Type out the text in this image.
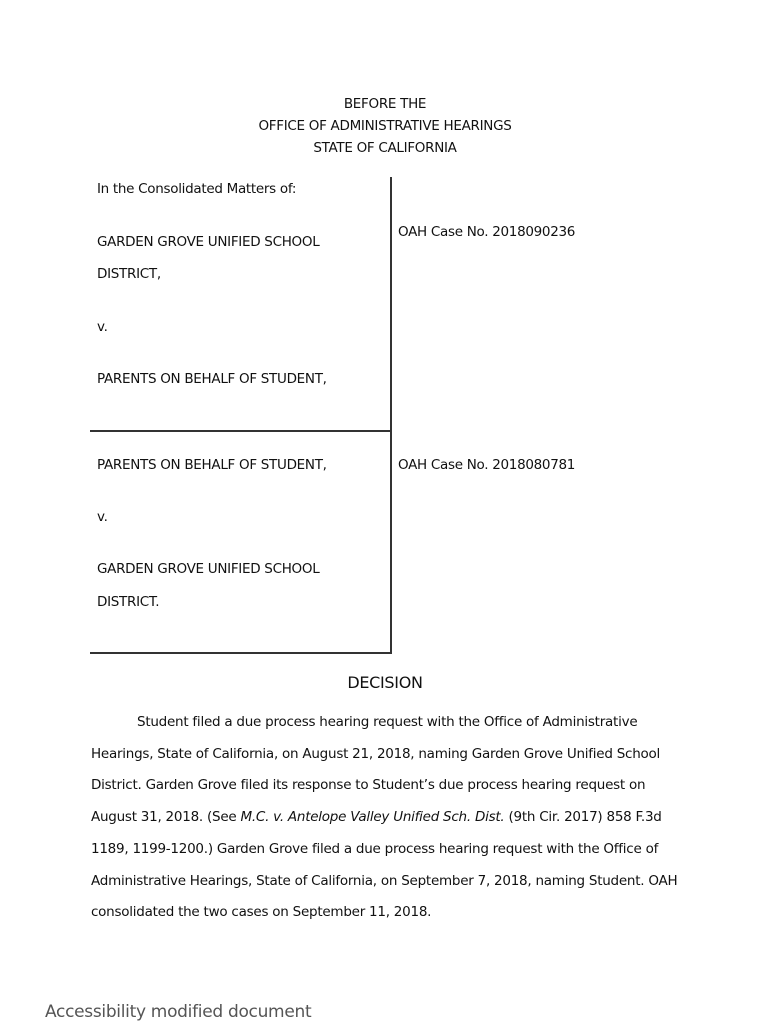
BEFORE THE
OFFICE OF ADMINISTRATIVE HEARINGS
STATE OF CALIFORNIA
In the Consolidated Matters of:
GARDEN GROVE UNIFIED SCHOOL
DISTRICT,
v.
PARENTS ON BEHALF OF STUDENT,
OAH Case No. 2018090236
PARENTS ON BEHALF OF STUDENT,
v.
GARDEN GROVE UNIFIED SCHOOL
DISTRICT.
OAH Case No. 2018080781
DECISION
Student filed a due process hearing request with the Office of Administrative Hearings, State of California, on August 21, 2018, naming Garden Grove Unified School District. Garden Grove filed its response to Student’s due process hearing request on August 31, 2018. (See M.C. v. Antelope Valley Unified Sch. Dist. (9th Cir. 2017) 858 F.3d 1189, 1199-1200.) Garden Grove filed a due process hearing request with the Office of Administrative Hearings, State of California, on September 7, 2018, naming Student. OAH consolidated the two cases on September 11, 2018.
Accessibility modified document
